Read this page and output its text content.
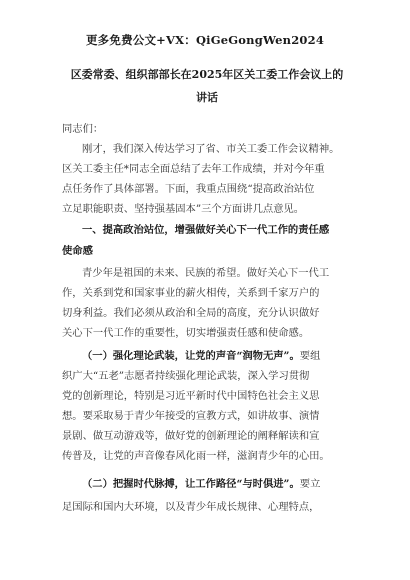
更多免费公文+VX：QiGeGongWen2024
区委常委、组织部部长在2025年区关工委工作会议上的讲话
同志们：
刚才，我们深入传达学习了省、市关工委工作会议精神。
区关工委主任*同志全面总结了去年工作成绩，并对今年重
点任务作了具体部署。下面，我重点围绕“提高政治站位
立足职能职责、坚持强基固本”三个方面讲几点意见。
一、提高政治站位，增强做好关心下一代工作的责任感
使命感
青少年是祖国的未来、民族的希望。做好关心下一代工
作，关系到党和国家事业的薪火相传，关系到千家万户的
切身利益。我们必须从政治和全局的高度，充分认识做好
关心下一代工作的重要性，切实增强责任感和使命感。
（一）强化理论武装，让党的声音“润物无声”。要组
织广大“五老”志愿者持续强化理论武装，深入学习贯彻
党的创新理论，特别是习近平新时代中国特色社会主义思
想。要采取易于青少年接受的宣教方式，如讲故事、演情
景剧、做互动游戏等，做好党的创新理论的阐释解读和宣
传普及，让党的声音像春风化雨一样，滋润青少年的心田。
（二）把握时代脉搏，让工作路径“与时俱进”。要立
足国际和国内大环境，以及青少年成长规律、心理特点，
